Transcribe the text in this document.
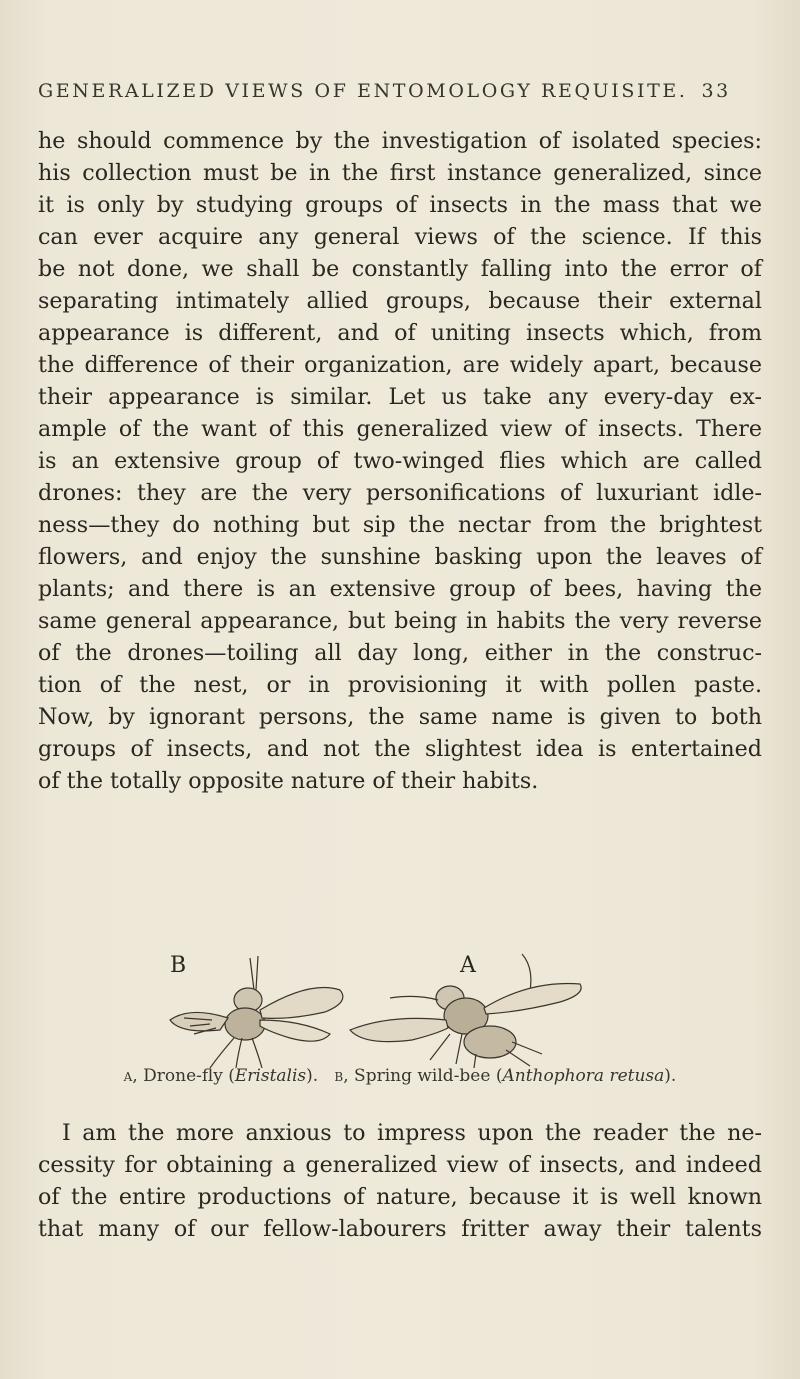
GENERALIZED VIEWS OF ENTOMOLOGY REQUISITE. 33
he should commence by the investigation of isolated species:
his collection must be in the first instance generalized, since
it is only by studying groups of insects in the mass that we
can ever acquire any general views of the science. If this
be not done, we shall be constantly falling into the error of
separating intimately allied groups, because their external
appearance is different, and of uniting insects which, from
the difference of their organization, are widely apart, because
their appearance is similar. Let us take any every-day ex-
ample of the want of this generalized view of insects. There
is an extensive group of two-winged flies which are called
drones: they are the very personifications of luxuriant idle-
ness—they do nothing but sip the nectar from the brightest
flowers, and enjoy the sunshine basking upon the leaves of
plants; and there is an extensive group of bees, having the
same general appearance, but being in habits the very reverse
of the drones—toiling all day long, either in the construc-
tion of the nest, or in provisioning it with pollen paste.
Now, by ignorant persons, the same name is given to both
groups of insects, and not the slightest idea is entertained
of the totally opposite nature of their habits.
B	A
a, Drone-fly (Eristalis). b, Spring wild-bee (Anthophora retusa).
I am the more anxious to impress upon the reader the ne-
cessity for obtaining a generalized view of insects, and indeed
of the entire productions of nature, because it is well known
that many of our fellow-labourers fritter away their talents
